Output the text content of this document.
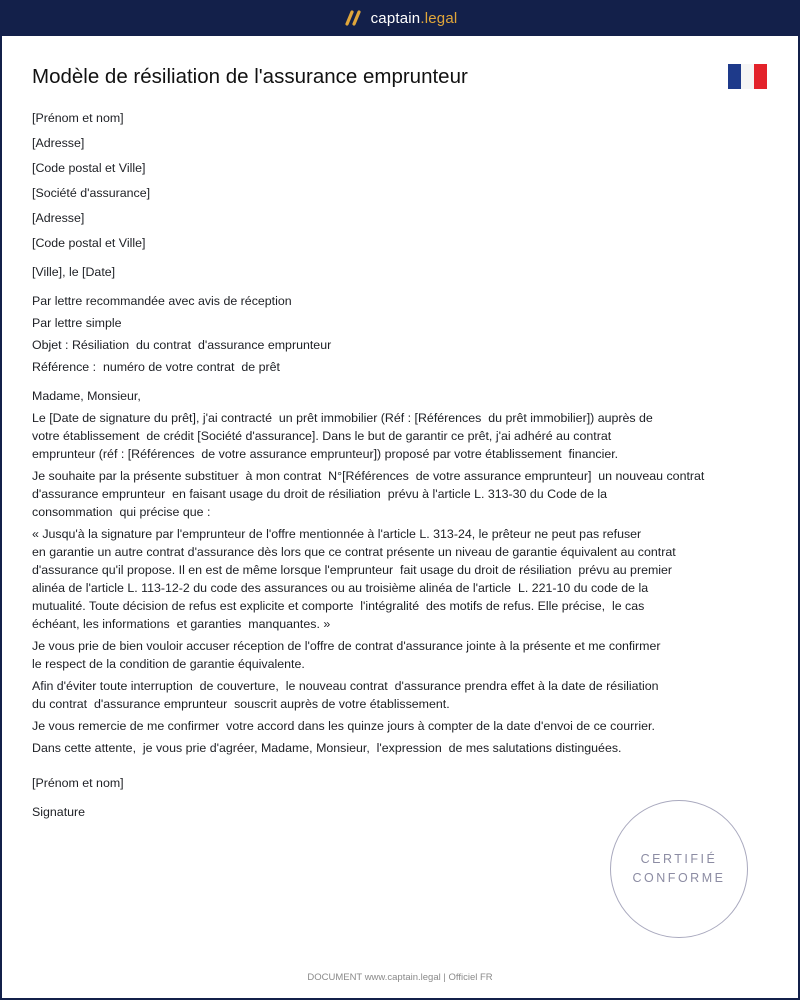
captain.legal
Modèle de résiliation de l'assurance emprunteur
[Prénom et nom]
[Adresse]
[Code postal et Ville]
[Société d'assurance]
[Adresse]
[Code postal et Ville]
[Ville], le [Date]
Par lettre recommandée avec avis de réception
Par lettre simple
Objet : Résiliation  du contrat  d'assurance emprunteur
Référence :  numéro de votre contrat  de prêt
Madame, Monsieur,
Le [Date de signature du prêt], j'ai contracté  un prêt immobilier (Réf : [Références  du prêt immobilier]) auprès de
votre établissement  de crédit [Société d'assurance]. Dans le but de garantir ce prêt, j'ai adhéré au contrat
emprunteur (réf : [Références  de votre assurance emprunteur]) proposé par votre établissement  financier.
Je souhaite par la présente substituer  à mon contrat  N°[Références  de votre assurance emprunteur]  un nouveau contrat
d'assurance emprunteur  en faisant usage du droit de résiliation  prévu à l'article L. 313-30 du Code de la
consommation  qui précise que :
« Jusqu'à la signature par l'emprunteur de l'offre mentionnée à l'article L. 313-24, le prêteur ne peut pas refuser
en garantie un autre contrat d'assurance dès lors que ce contrat présente un niveau de garantie équivalent au contrat
d'assurance qu'il propose. Il en est de même lorsque l'emprunteur  fait usage du droit de résiliation  prévu au premier
alinéa de l'article L. 113-12-2 du code des assurances ou au troisième alinéa de l'article  L. 221-10 du code de la
mutualité. Toute décision de refus est explicite et comporte  l'intégralité  des motifs de refus. Elle précise,  le cas
échéant, les informations  et garanties  manquantes. »
Je vous prie de bien vouloir accuser réception de l'offre de contrat d'assurance jointe à la présente et me confirmer
le respect de la condition de garantie équivalente.
Afin d'éviter toute interruption  de couverture,  le nouveau contrat  d'assurance prendra effet à la date de résiliation
du contrat  d'assurance emprunteur  souscrit auprès de votre établissement.
Je vous remercie de me confirmer  votre accord dans les quinze jours à compter de la date d'envoi de ce courrier.
Dans cette attente,  je vous prie d'agréer, Madame, Monsieur,  l'expression  de mes salutations distinguées.
[Prénom et nom]
Signature
CERTIFIÉ
CONFORME
DOCUMENT www.captain.legal | Officiel FR
